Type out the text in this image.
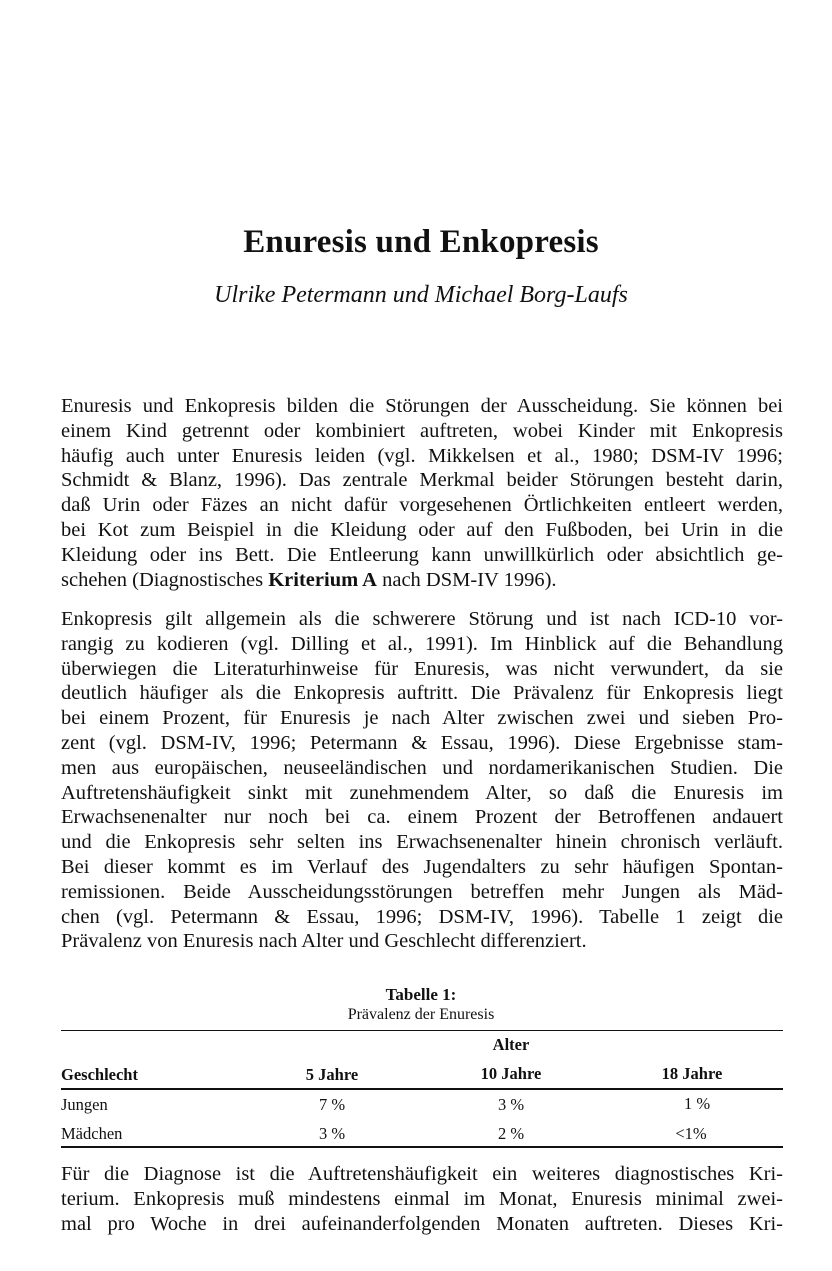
Enuresis und Enkopresis
Ulrike Petermann und Michael Borg-Laufs
Enuresis und Enkopresis bilden die Störungen der Ausscheidung. Sie können bei
einem Kind getrennt oder kombiniert auftreten, wobei Kinder mit Enkopresis
häufig auch unter Enuresis leiden (vgl. Mikkelsen et al., 1980; DSM-IV 1996;
Schmidt & Blanz, 1996). Das zentrale Merkmal beider Störungen besteht darin,
daß Urin oder Fäzes an nicht dafür vorgesehenen Örtlichkeiten entleert werden,
bei Kot zum Beispiel in die Kleidung oder auf den Fußboden, bei Urin in die
Kleidung oder ins Bett. Die Entleerung kann unwillkürlich oder absichtlich ge-
schehen (Diagnostisches Kriterium A nach DSM-IV 1996).
Enkopresis gilt allgemein als die schwerere Störung und ist nach ICD-10 vor-
rangig zu kodieren (vgl. Dilling et al., 1991). Im Hinblick auf die Behandlung
überwiegen die Literaturhinweise für Enuresis, was nicht verwundert, da sie
deutlich häufiger als die Enkopresis auftritt. Die Prävalenz für Enkopresis liegt
bei einem Prozent, für Enuresis je nach Alter zwischen zwei und sieben Pro-
zent (vgl. DSM-IV, 1996; Petermann & Essau, 1996). Diese Ergebnisse stam-
men aus europäischen, neuseeländischen und nordamerikanischen Studien. Die
Auftretenshäufigkeit sinkt mit zunehmendem Alter, so daß die Enuresis im
Erwachsenenalter nur noch bei ca. einem Prozent der Betroffenen andauert
und die Enkopresis sehr selten ins Erwachsenenalter hinein chronisch verläuft.
Bei dieser kommt es im Verlauf des Jugendalters zu sehr häufigen Spontan-
remissionen. Beide Ausscheidungsstörungen betreffen mehr Jungen als Mäd-
chen (vgl. Petermann & Essau, 1996; DSM-IV, 1996). Tabelle 1 zeigt die
Prävalenz von Enuresis nach Alter und Geschlecht differenziert.
Tabelle 1:
Prävalenz der Enuresis
Alter
Geschlecht	5 Jahre	10 Jahre	18 Jahre
Jungen	7 %	3 %	1 %
Mädchen	3 %	2 %	<1%
Für die Diagnose ist die Auftretenshäufigkeit ein weiteres diagnostisches Kri-
terium. Enkopresis muß mindestens einmal im Monat, Enuresis minimal zwei-
mal pro Woche in drei aufeinanderfolgenden Monaten auftreten. Dieses Kri-
